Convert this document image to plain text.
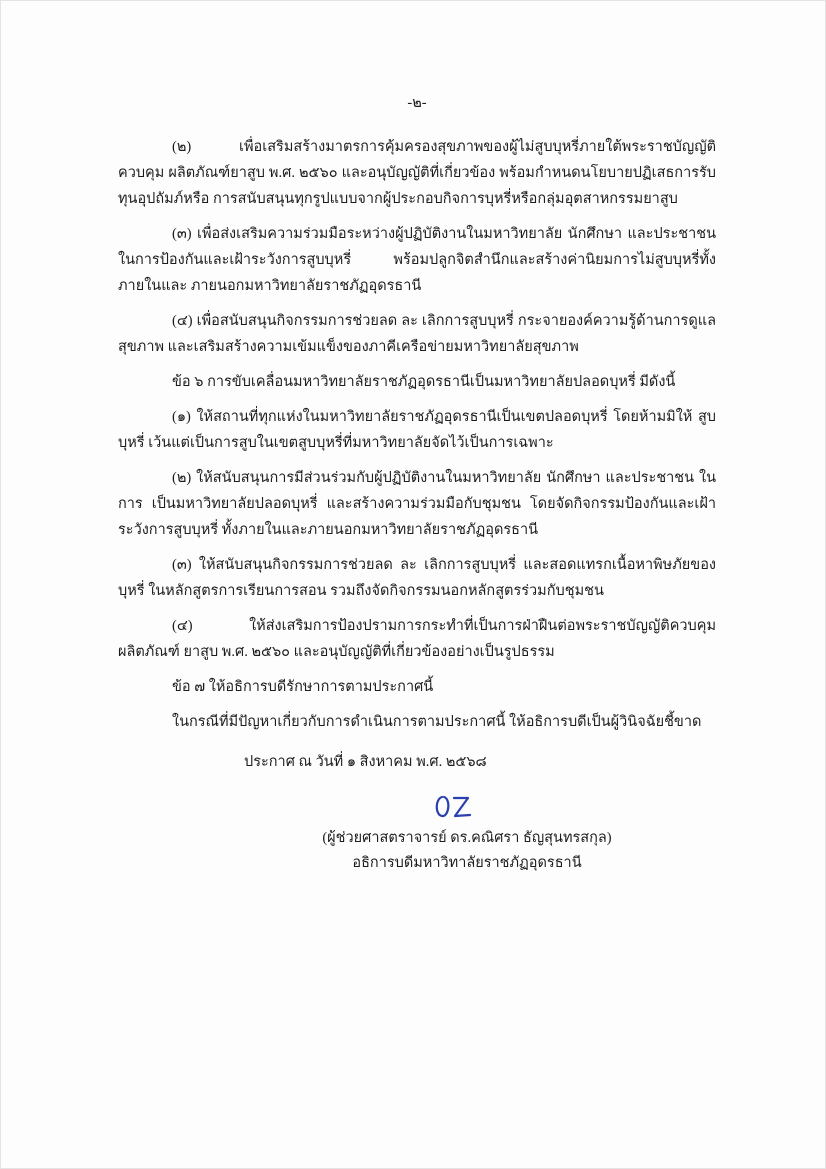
-๒-
(๒) เพื่อเสริมสร้างมาตรการคุ้มครองสุขภาพของผู้ไม่สูบบุหรี่ภายใต้พระราชบัญญัติควบคุม ผลิตภัณฑ์ยาสูบ พ.ศ. ๒๕๖๐ และอนุบัญญัติที่เกี่ยวข้อง พร้อมกำหนดนโยบายปฏิเสธการรับทุนอุปถัมภ์หรือ การสนับสนุนทุกรูปแบบจากผู้ประกอบกิจการบุหรี่หรือกลุ่มอุตสาหกรรมยาสูบ
(๓) เพื่อส่งเสริมความร่วมมือระหว่างผู้ปฏิบัติงานในมหาวิทยาลัย นักศึกษา และประชาชน ในการป้องกันและเฝ้าระวังการสูบบุหรี่ พร้อมปลูกจิตสำนึกและสร้างค่านิยมการไม่สูบบุหรี่ทั้งภายในและ ภายนอกมหาวิทยาลัยราชภัฏอุดรธานี
(๔) เพื่อสนับสนุนกิจกรรมการช่วยลด ละ เลิกการสูบบุหรี่ กระจายองค์ความรู้ด้านการดูแล สุขภาพ และเสริมสร้างความเข้มแข็งของภาคีเครือข่ายมหาวิทยาลัยสุขภาพ
ข้อ ๖ การขับเคลื่อนมหาวิทยาลัยราชภัฏอุดรธานีเป็นมหาวิทยาลัยปลอดบุหรี่ มีดังนี้
(๑) ให้สถานที่ทุกแห่งในมหาวิทยาลัยราชภัฏอุดรธานีเป็นเขตปลอดบุหรี่ โดยห้ามมิให้ สูบบุหรี่ เว้นแต่เป็นการสูบในเขตสูบบุหรี่ที่มหาวิทยาลัยจัดไว้เป็นการเฉพาะ
(๒) ให้สนับสนุนการมีส่วนร่วมกับผู้ปฏิบัติงานในมหาวิทยาลัย นักศึกษา และประชาชน ในการ เป็นมหาวิทยาลัยปลอดบุหรี่ และสร้างความร่วมมือกับชุมชน โดยจัดกิจกรรมป้องกันและเฝ้าระวังการสูบบุหรี่ ทั้งภายในและภายนอกมหาวิทยาลัยราชภัฏอุดรธานี
(๓) ให้สนับสนุนกิจกรรมการช่วยลด ละ เลิกการสูบบุหรี่ และสอดแทรกเนื้อหาพิษภัยของบุหรี่ ในหลักสูตรการเรียนการสอน รวมถึงจัดกิจกรรมนอกหลักสูตรร่วมกับชุมชน
(๔) ให้ส่งเสริมการป้องปรามการกระทำที่เป็นการฝ่าฝืนต่อพระราชบัญญัติควบคุมผลิตภัณฑ์ ยาสูบ พ.ศ. ๒๕๖๐ และอนุบัญญัติที่เกี่ยวข้องอย่างเป็นรูปธรรม
ข้อ ๗ ให้อธิการบดีรักษาการตามประกาศนี้
ในกรณีที่มีปัญหาเกี่ยวกับการดำเนินการตามประกาศนี้ ให้อธิการบดีเป็นผู้วินิจฉัยชี้ขาด
ประกาศ ณ วันที่ ๑ สิงหาคม พ.ศ. ๒๕๖๘
(ผู้ช่วยศาสตราจารย์ ดร.คณิศรา ธัญสุนทรสกุล)
อธิการบดีมหาวิทาลัยราชภัฏอุดรธานี
